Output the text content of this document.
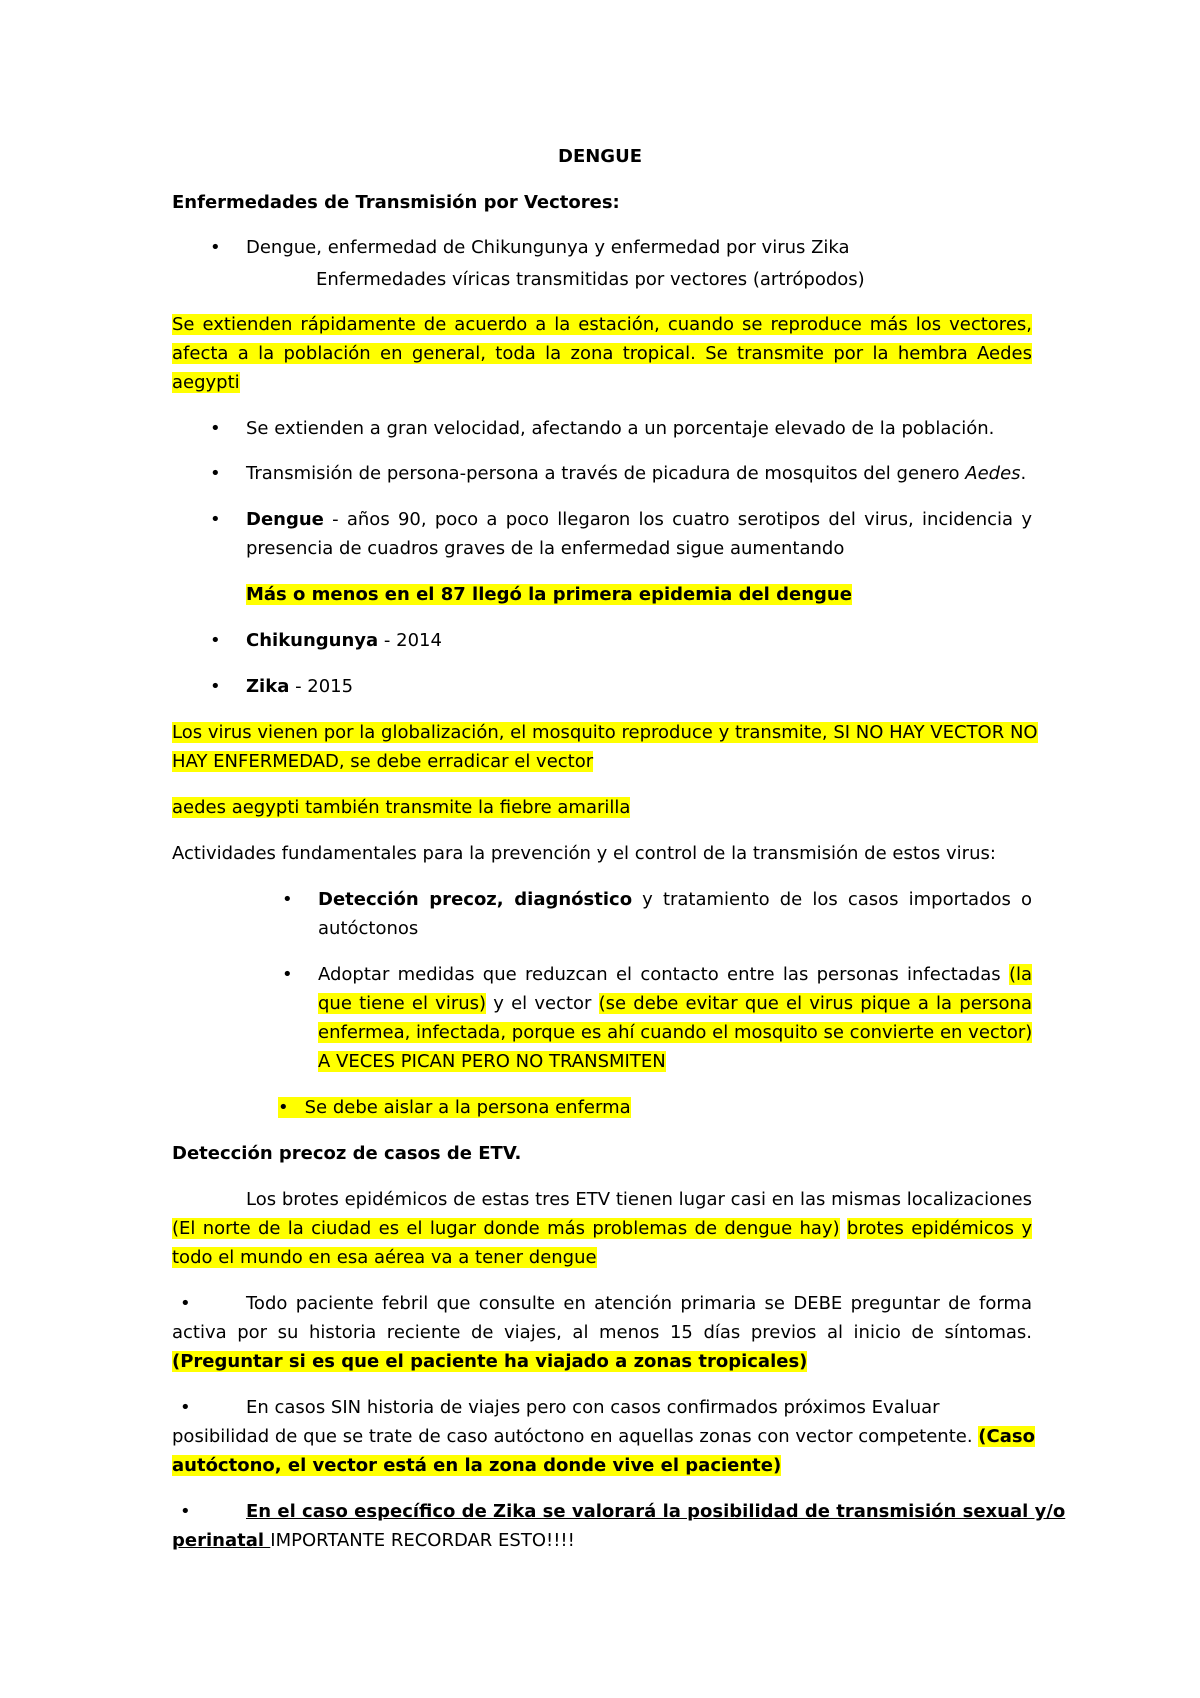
DENGUE
Enfermedades de Transmisión por Vectores:
• Dengue, enfermedad de Chikungunya y enfermedad por virus Zika
Enfermedades víricas transmitidas por vectores (artrópodos)
Se extienden rápidamente de acuerdo a la estación, cuando se reproduce más los vectores,
afecta a la población en general, toda la zona tropical. Se transmite por la hembra Aedes
aegypti
• Se extienden a gran velocidad, afectando a un porcentaje elevado de la población.
• Transmisión de persona-persona a través de picadura de mosquitos del genero Aedes.
• Dengue - años 90, poco a poco llegaron los cuatro serotipos del virus, incidencia y
presencia de cuadros graves de la enfermedad sigue aumentando
Más o menos en el 87 llegó la primera epidemia del dengue
• Chikungunya - 2014
• Zika - 2015
Los virus vienen por la globalización, el mosquito reproduce y transmite, SI NO HAY VECTOR NO
HAY ENFERMEDAD, se debe erradicar el vector
aedes aegypti también transmite la fiebre amarilla
Actividades fundamentales para la prevención y el control de la transmisión de estos virus:
• Detección precoz, diagnóstico y tratamiento de los casos importados o
autóctonos
• Adoptar medidas que reduzcan el contacto entre las personas infectadas (la
que tiene el virus) y el vector (se debe evitar que el virus pique a la persona
enfermea, infectada, porque es ahí cuando el mosquito se convierte en vector)
A VECES PICAN PERO NO TRANSMITEN
• Se debe aislar a la persona enferma
Detección precoz de casos de ETV.
Los brotes epidémicos de estas tres ETV tienen lugar casi en las mismas localizaciones
(El norte de la ciudad es el lugar donde más problemas de dengue hay) brotes epidémicos y
todo el mundo en esa aérea va a tener dengue
•	Todo paciente febril que consulte en atención primaria se DEBE preguntar de forma
activa por su historia reciente de viajes, al menos 15 días previos al inicio de síntomas.
(Preguntar si es que el paciente ha viajado a zonas tropicales)
•	En casos SIN historia de viajes pero con casos confirmados próximos Evaluar
posibilidad de que se trate de caso autóctono en aquellas zonas con vector competente. (Caso
autóctono, el vector está en la zona donde vive el paciente)
•	En el caso específico de Zika se valorará la posibilidad de transmisión sexual y/o
perinatal IMPORTANTE RECORDAR ESTO!!!!
